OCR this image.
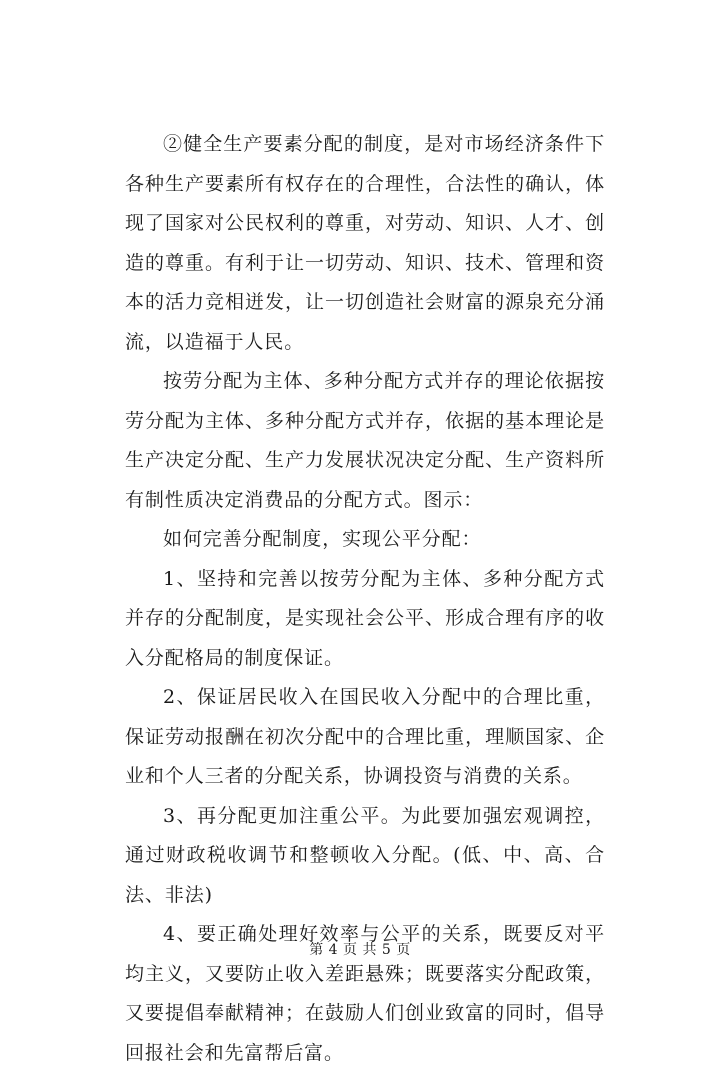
②健全生产要素分配的制度，是对市场经济条件下各种生产要素所有权存在的合理性，合法性的确认，体现了国家对公民权利的尊重，对劳动、知识、人才、创造的尊重。有利于让一切劳动、知识、技术、管理和资本的活力竞相迸发，让一切创造社会财富的源泉充分涌流，以造福于人民。

按劳分配为主体、多种分配方式并存的理论依据按劳分配为主体、多种分配方式并存，依据的基本理论是生产决定分配、生产力发展状况决定分配、生产资料所有制性质决定消费品的分配方式。图示：

如何完善分配制度，实现公平分配：

1、坚持和完善以按劳分配为主体、多种分配方式并存的分配制度，是实现社会公平、形成合理有序的收入分配格局的制度保证。

2、保证居民收入在国民收入分配中的合理比重，保证劳动报酬在初次分配中的合理比重，理顺国家、企业和个人三者的分配关系，协调投资与消费的关系。

3、再分配更加注重公平。为此要加强宏观调控，通过财政税收调节和整顿收入分配。(低、中、高、合法、非法)

4、要正确处理好效率与公平的关系，既要反对平均主义，又要防止收入差距悬殊；既要落实分配政策，又要提倡奉献精神；在鼓励人们创业致富的同时，倡导回报社会和先富帮后富。

第 4 页 共 5 页
